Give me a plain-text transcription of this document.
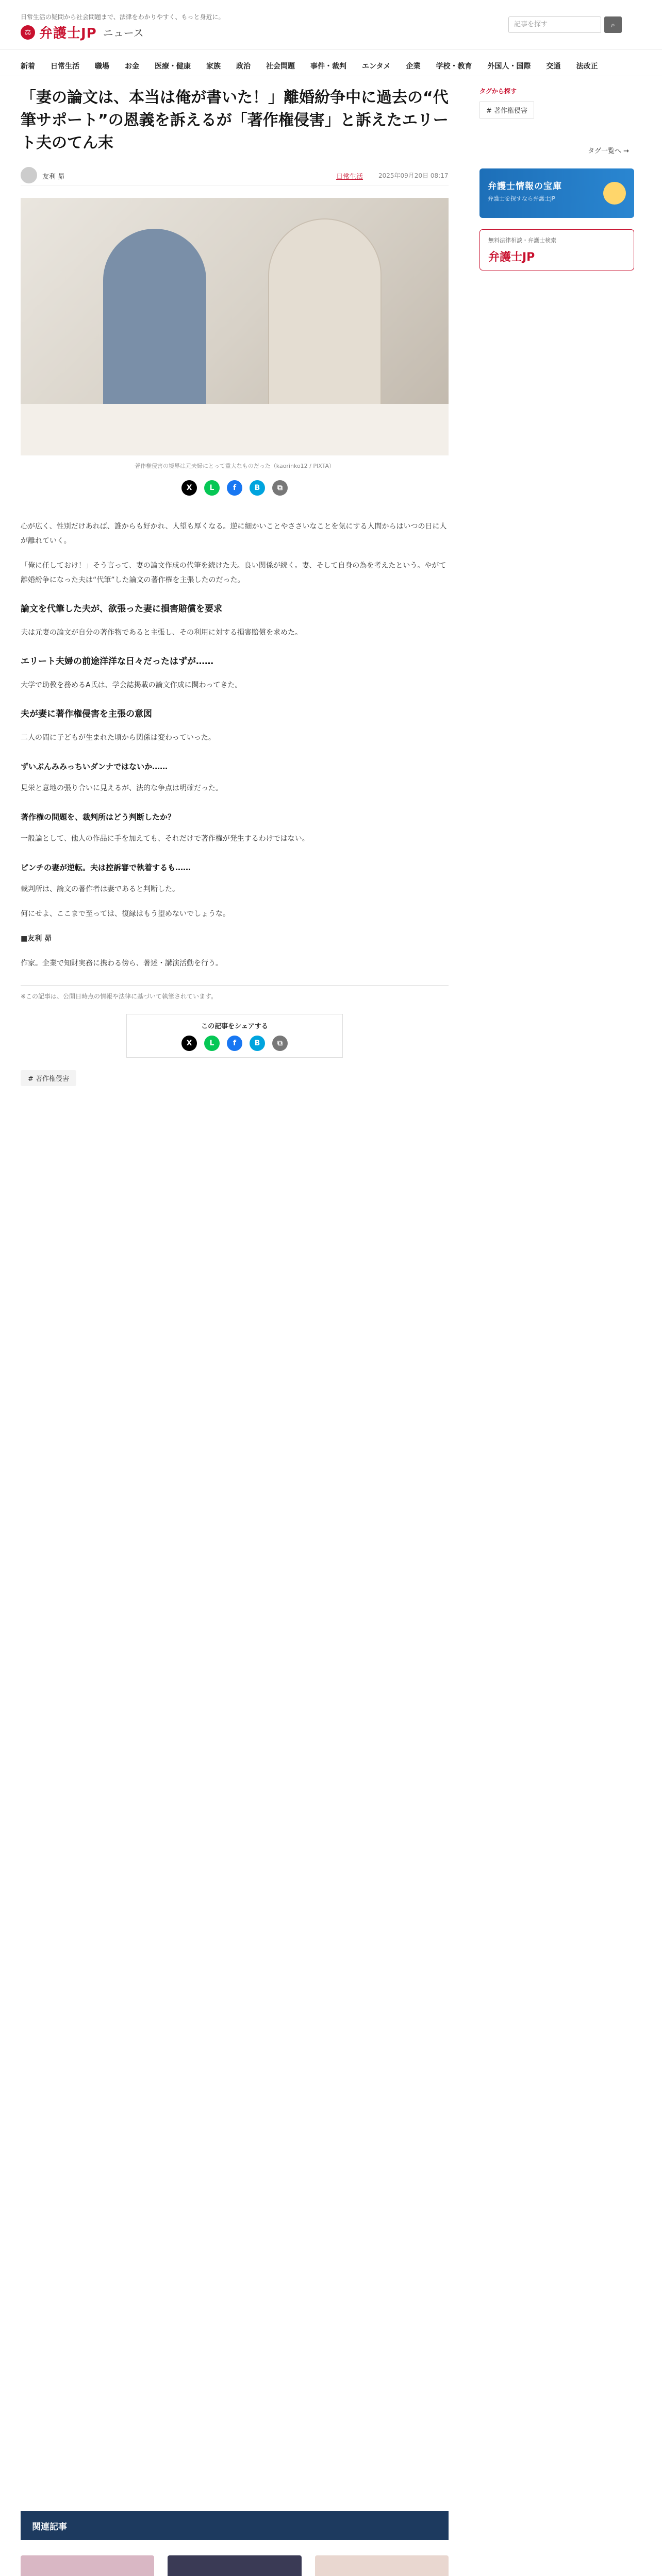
日常生活の疑問から社会問題まで、法律をわかりやすく、もっと身近に。
⚖ 弁護士JP ニュース
記事を探す	⌕
新着 日常生活 職場 お金 医療・健康 家族 政治 社会問題 事件・裁判 エンタメ 企業 学校・教育 外国人・国際 交通 法改正
「妻の論文は、本当は俺が書いた！」離婚紛争中に過去の“代筆サポート”の恩義を訴えるが「著作権侵害」と訴えたエリート夫のてん末
友利 昴	日常生活 2025年09月20日 08:17
著作権侵害の境界は元夫婦にとって重大なものだった（kaorinko12 / PIXTA）
X	L	f	B	⧉

心が広く、性別だけあれば、誰からも好かれ、人望も厚くなる。逆に細かいことやささいなことを気にする人間からはいつの日に人が離れていく。

「俺に任しておけ！」そう言って、妻の論文作成の代筆を続けた夫。良い関係が続く。妻、そして自身の為を考えたという。やがて離婚紛争になった夫は“代筆”した論文の著作権を主張したのだった。

論文を代筆した夫が、欲張った妻に損害賠償を要求

夫は元妻の論文が自分の著作物であると主張し、その利用に対する損害賠償を求めた。

エリート夫婦の前途洋洋な日々だったはずが……

大学で助教を務めるA氏は、学会誌掲載の論文作成に関わってきた。

夫が妻に著作権侵害を主張の意図

二人の間に子どもが生まれた頃から関係は変わっていった。

ずいぶんみみっちいダンナではないか……

見栄と意地の張り合いに見えるが、法的な争点は明確だった。

著作権の問題を、裁判所はどう判断したか？

一般論として、他人の作品に手を加えても、それだけで著作権が発生するわけではない。

ピンチの妻が逆転。夫は控訴審で執着するも……

裁判所は、論文の著作者は妻であると判断した。

何にせよ、ここまで至っては、復縁はもう望めないでしょうな。

■友利 昴

作家。企業で知財実務に携わる傍ら、著述・講演活動を行う。

※この記事は、公開日時点の情報や法律に基づいて執筆されています。
この記事をシェアする
X	L	f	B	⧉
# 著作権侵害
タグから探す
# 著作権侵害
タグ一覧へ →
弁護士情報の宝庫
弁護士を探すなら弁護士JP
無料法律相談・弁護士検索
弁護士JP
関連記事
